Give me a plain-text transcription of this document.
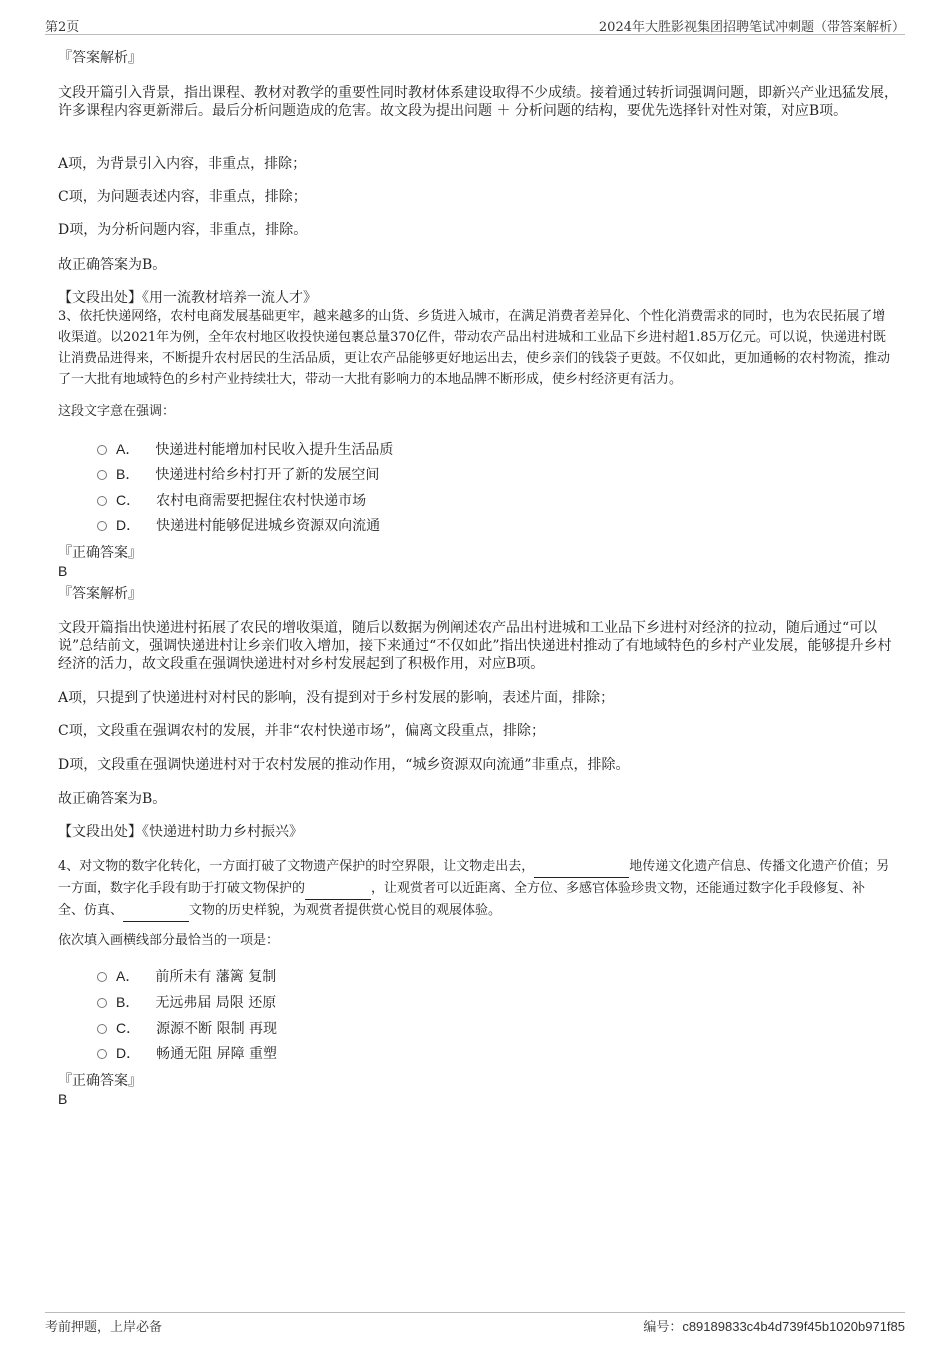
第2页	2024年大胜影视集团招聘笔试冲刺题（带答案解析）
『答案解析』
文段开篇引入背景，指出课程、教材对教学的重要性同时教材体系建设取得不少成绩。接着通过转折词强调问题，即新兴产业迅猛发展，许多课程内容更新滞后。最后分析问题造成的危害。故文段为提出问题 ＋ 分析问题的结构，要优先选择针对性对策，对应B项。
A项，为背景引入内容，非重点，排除；
C项，为问题表述内容，非重点，排除；
D项，为分析问题内容，非重点，排除。
故正确答案为B。
【文段出处】《用一流教材培养一流人才》
3、依托快递网络，农村电商发展基础更牢，越来越多的山货、乡货进入城市，在满足消费者差异化、个性化消费需求的同时，也为农民拓展了增收渠道。以2021年为例，全年农村地区收投快递包裹总量370亿件，带动农产品出村进城和工业品下乡进村超1.85万亿元。可以说，快递进村既让消费品进得来，不断提升农村居民的生活品质，更让农产品能够更好地运出去，使乡亲们的钱袋子更鼓。不仅如此，更加通畅的农村物流，推动了一大批有地域特色的乡村产业持续壮大，带动一大批有影响力的本地品牌不断形成，使乡村经济更有活力。
这段文字意在强调：
A． 快递进村能增加村民收入提升生活品质
B． 快递进村给乡村打开了新的发展空间
C． 农村电商需要把握住农村快递市场
D． 快递进村能够促进城乡资源双向流通
『正确答案』
B
『答案解析』
文段开篇指出快递进村拓展了农民的增收渠道，随后以数据为例阐述农产品出村进城和工业品下乡进村对经济的拉动，随后通过“可以说”总结前文，强调快递进村让乡亲们收入增加，接下来通过“不仅如此”指出快递进村推动了有地域特色的乡村产业发展，能够提升乡村经济的活力，故文段重在强调快递进村对乡村发展起到了积极作用，对应B项。
A项，只提到了快递进村对村民的影响，没有提到对于乡村发展的影响，表述片面，排除；
C项，文段重在强调农村的发展，并非“农村快递市场”，偏离文段重点，排除；
D项，文段重在强调快递进村对于农村发展的推动作用，“城乡资源双向流通”非重点，排除。
故正确答案为B。
【文段出处】《快递进村助力乡村振兴》
4、对文物的数字化转化，一方面打破了文物遗产保护的时空界限，让文物走出去，	地传递文化遗产信息、传播文化遗产价值；另一方面，数字化手段有助于打破文物保护的	，让观赏者可以近距离、全方位、多感官体验珍贵文物，还能通过数字化手段修复、补全、仿真、	文物的历史样貌，为观赏者提供赏心悦目的观展体验。
依次填入画横线部分最恰当的一项是：
A． 前所未有 藩篱 复制
B． 无远弗届 局限 还原
C． 源源不断 限制 再现
D． 畅通无阻 屏障 重塑
『正确答案』
B
考前押题，上岸必备	编号：c89189833c4b4d739f45b1020b971f85
